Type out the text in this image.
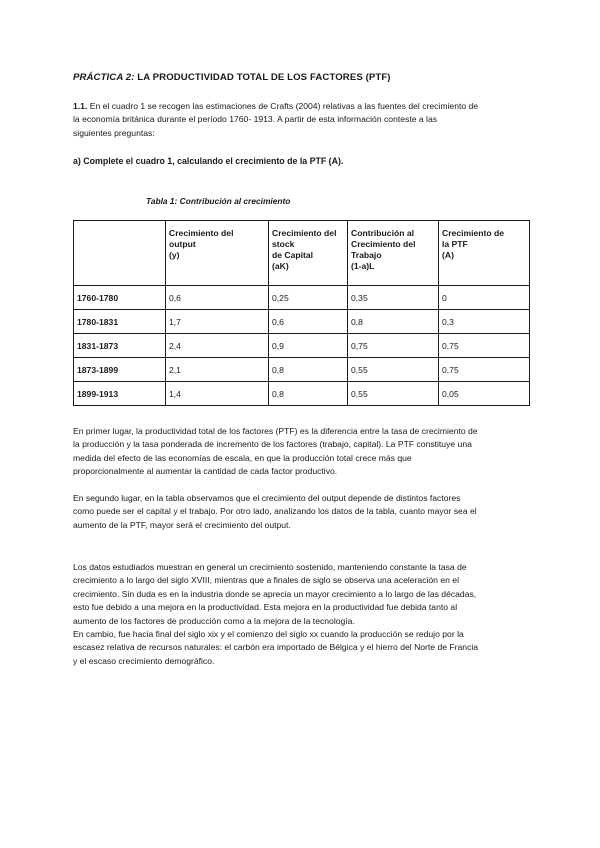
PRÁCTICA 2: LA PRODUCTIVIDAD TOTAL DE LOS FACTORES (PTF)
1.1. En el cuadro 1 se recogen las estimaciones de Crafts (2004) relativas a las fuentes del crecimiento de
la economía británica durante el período 1760- 1913. A partir de esta información conteste a las
siguientes preguntas:
a) Complete el cuadro 1, calculando el crecimiento de la PTF (A).
Tabla 1: Contribución al crecimiento
	Crecimiento del
output
(y)	Crecimiento del
stock
de Capital
(aK)	Contribución al
Crecimiento del
Trabajo
(1-a)L	Crecimiento de
la PTF
(A)
1760-1780	0,6	0,25	0,35	0
1780-1831	1,7	0,6	0,8	0,3
1831-1873	2,4	0,9	0,75	0,75
1873-1899	2,1	0,8	0,55	0,75
1899-1913	1,4	0,8	0,55	0,05
En primer lugar, la productividad total de los factores (PTF) es la diferencia entre la tasa de crecimiento de
la producción y la tasa ponderada de incremento de los factores (trabajo, capital). La PTF constituye una
medida del efecto de las economías de escala, en que la producción total crece más que
proporcionalmente al aumentar la cantidad de cada factor productivo.
En segundo lugar, en la tabla observamos que el crecimiento del output depende de distintos factores
como puede ser el capital y el trabajo. Por otro lado, analizando los datos de la tabla, cuanto mayor sea el
aumento de la PTF, mayor será el crecimiento del output.
Los datos estudiados muestran en general un crecimiento sostenido, manteniendo constante la tasa de
crecimiento a lo largo del siglo XVIII, mientras que a finales de siglo se observa una aceleración en el
crecimiento. Sin duda es en la industria donde se aprecia un mayor crecimiento a lo largo de las décadas,
esto fue debido a una mejora en la productividad. Esta mejora en la productividad fue debida tanto al
aumento de los factores de producción como a la mejora de la tecnología.
En cambio, fue hacia final del siglo xix y el comienzo del siglo xx cuando la producción se redujo por la
escasez relativa de recursos naturales: el carbón era importado de Bélgica y el hierro del Norte de Francia
y el escaso crecimiento demográfico.
